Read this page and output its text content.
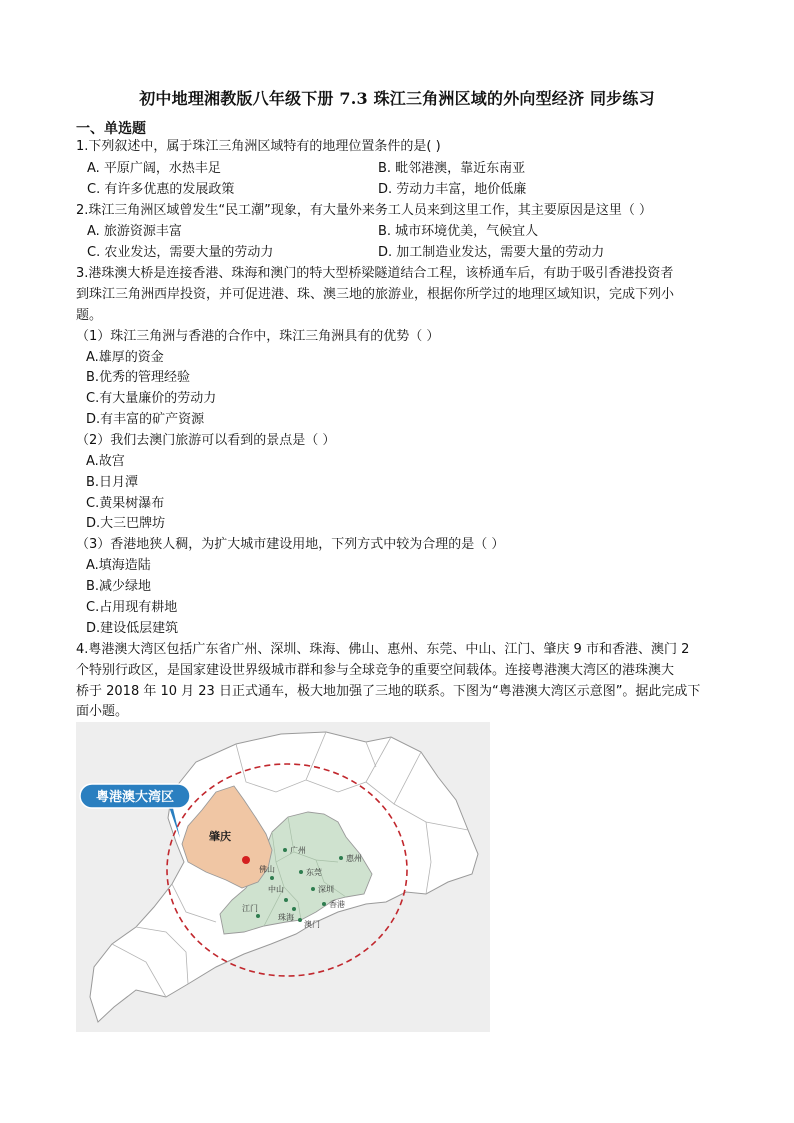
初中地理湘教版八年级下册 7.3 珠江三角洲区域的外向型经济 同步练习
一、单选题
1.下列叙述中，属于珠江三角洲区域特有的地理位置条件的是( )
A. 平原广阔，水热丰足	B. 毗邻港澳，靠近东南亚
C. 有许多优惠的发展政策	D. 劳动力丰富，地价低廉
2.珠江三角洲区域曾发生“民工潮”现象，有大量外来务工人员来到这里工作，其主要原因是这里（ ）
A. 旅游资源丰富	B. 城市环境优美，气候宜人
C. 农业发达，需要大量的劳动力	D. 加工制造业发达，需要大量的劳动力
3.港珠澳大桥是连接香港、珠海和澳门的特大型桥梁隧道结合工程，该桥通车后，有助于吸引香港投资者
到珠江三角洲西岸投资，并可促进港、珠、澳三地的旅游业，根据你所学过的地理区域知识，完成下列小
题。
（1）珠江三角洲与香港的合作中，珠江三角洲具有的优势（ ）
A.雄厚的资金
B.优秀的管理经验
C.有大量廉价的劳动力
D.有丰富的矿产资源
（2）我们去澳门旅游可以看到的景点是（ ）
A.故宫
B.日月潭
C.黄果树瀑布
D.大三巴牌坊
（3）香港地狭人稠，为扩大城市建设用地，下列方式中较为合理的是（ ）
A.填海造陆
B.减少绿地
C.占用现有耕地
D.建设低层建筑
4.粤港澳大湾区包括广东省广州、深圳、珠海、佛山、惠州、东莞、中山、江门、肇庆 9 市和香港、澳门 2
个特别行政区，是国家建设世界级城市群和参与全球竞争的重要空间载体。连接粤港澳大湾区的港珠澳大
桥于 2018 年 10 月 23 日正式通车，极大地加强了三地的联系。下图为“粤港澳大湾区示意图”。据此完成下
面小题。
粤港澳大湾区
肇庆
广州
惠州
佛山	东莞
中山	深圳
江门
珠海
香港
澳门
